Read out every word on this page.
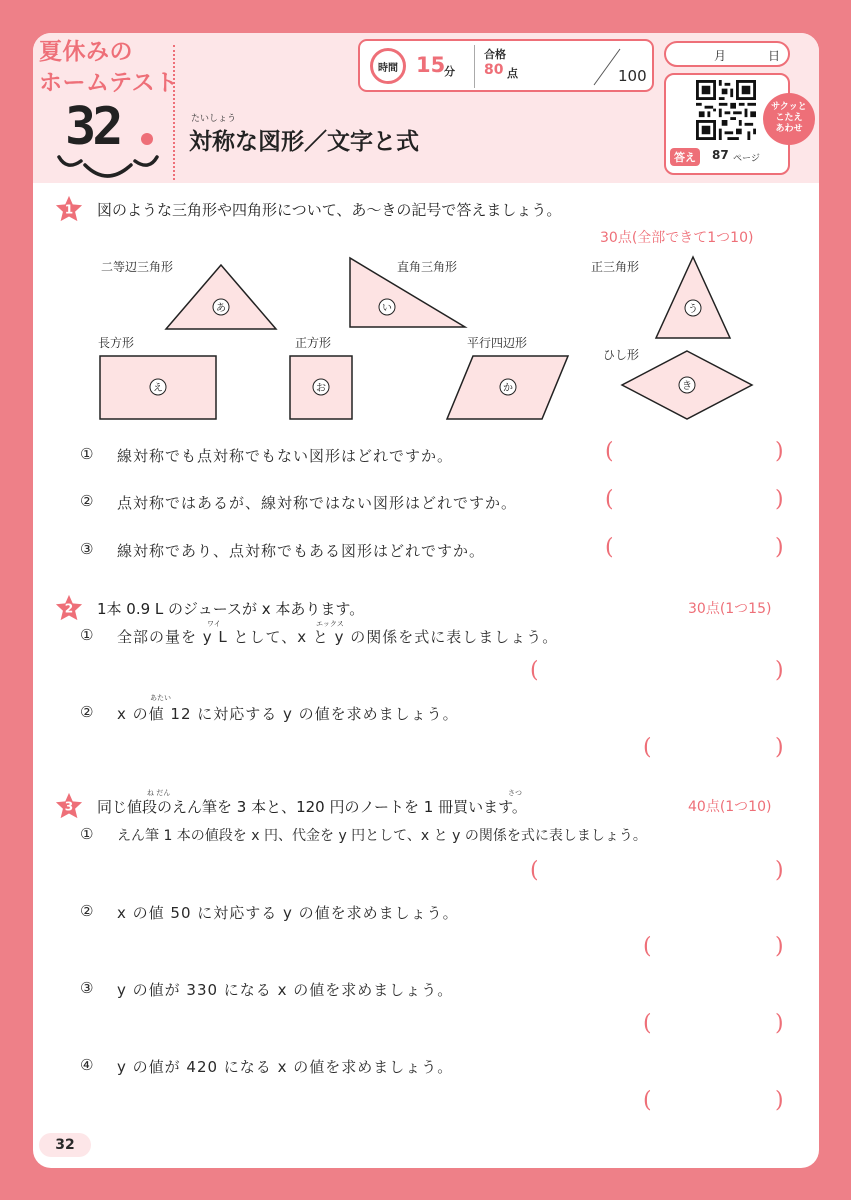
夏休みの
ホームテスト
32	たいしょう
対称な図形／文字と式
時間 15
分
合格
80 点	100
月	日
答え	87 ページ
サクッと
こたえ
あわせ
1 図のような三角形や四角形について、あ～きの記号で答えましょう。
30点(全部できて1つ10)
二等辺三角形	直角三角形	正三角形
長方形	正方形	平行四辺形
ひし形
あ	い	う
え	お	か	き
① 線対称でも点対称でもない図形はどれですか。	(	)
② 点対称ではあるが、線対称ではない図形はどれですか。	(	)
③ 線対称であり、点対称でもある図形はどれですか。	(	)
2 1本 0.9 L のジュースが x 本あります。	30点(1つ15)
ワイ	エックス
① 全部の量を y L として、x と y の関係を式に表しましょう。
(	)
あたい
② x の値 12 に対応する y の値を求めましょう。
(	)
ね だん	さつ
3 同じ値段のえん筆を 3 本と、120 円のノートを 1 冊買います。	40点(1つ10)
① えん筆 1 本の値段を x 円、代金を y 円として、x と y の関係を式に表しましょう。
(	)
② x の値 50 に対応する y の値を求めましょう。
(	)
③ y の値が 330 になる x の値を求めましょう。
(	)
④ y の値が 420 になる x の値を求めましょう。
(	)
32
